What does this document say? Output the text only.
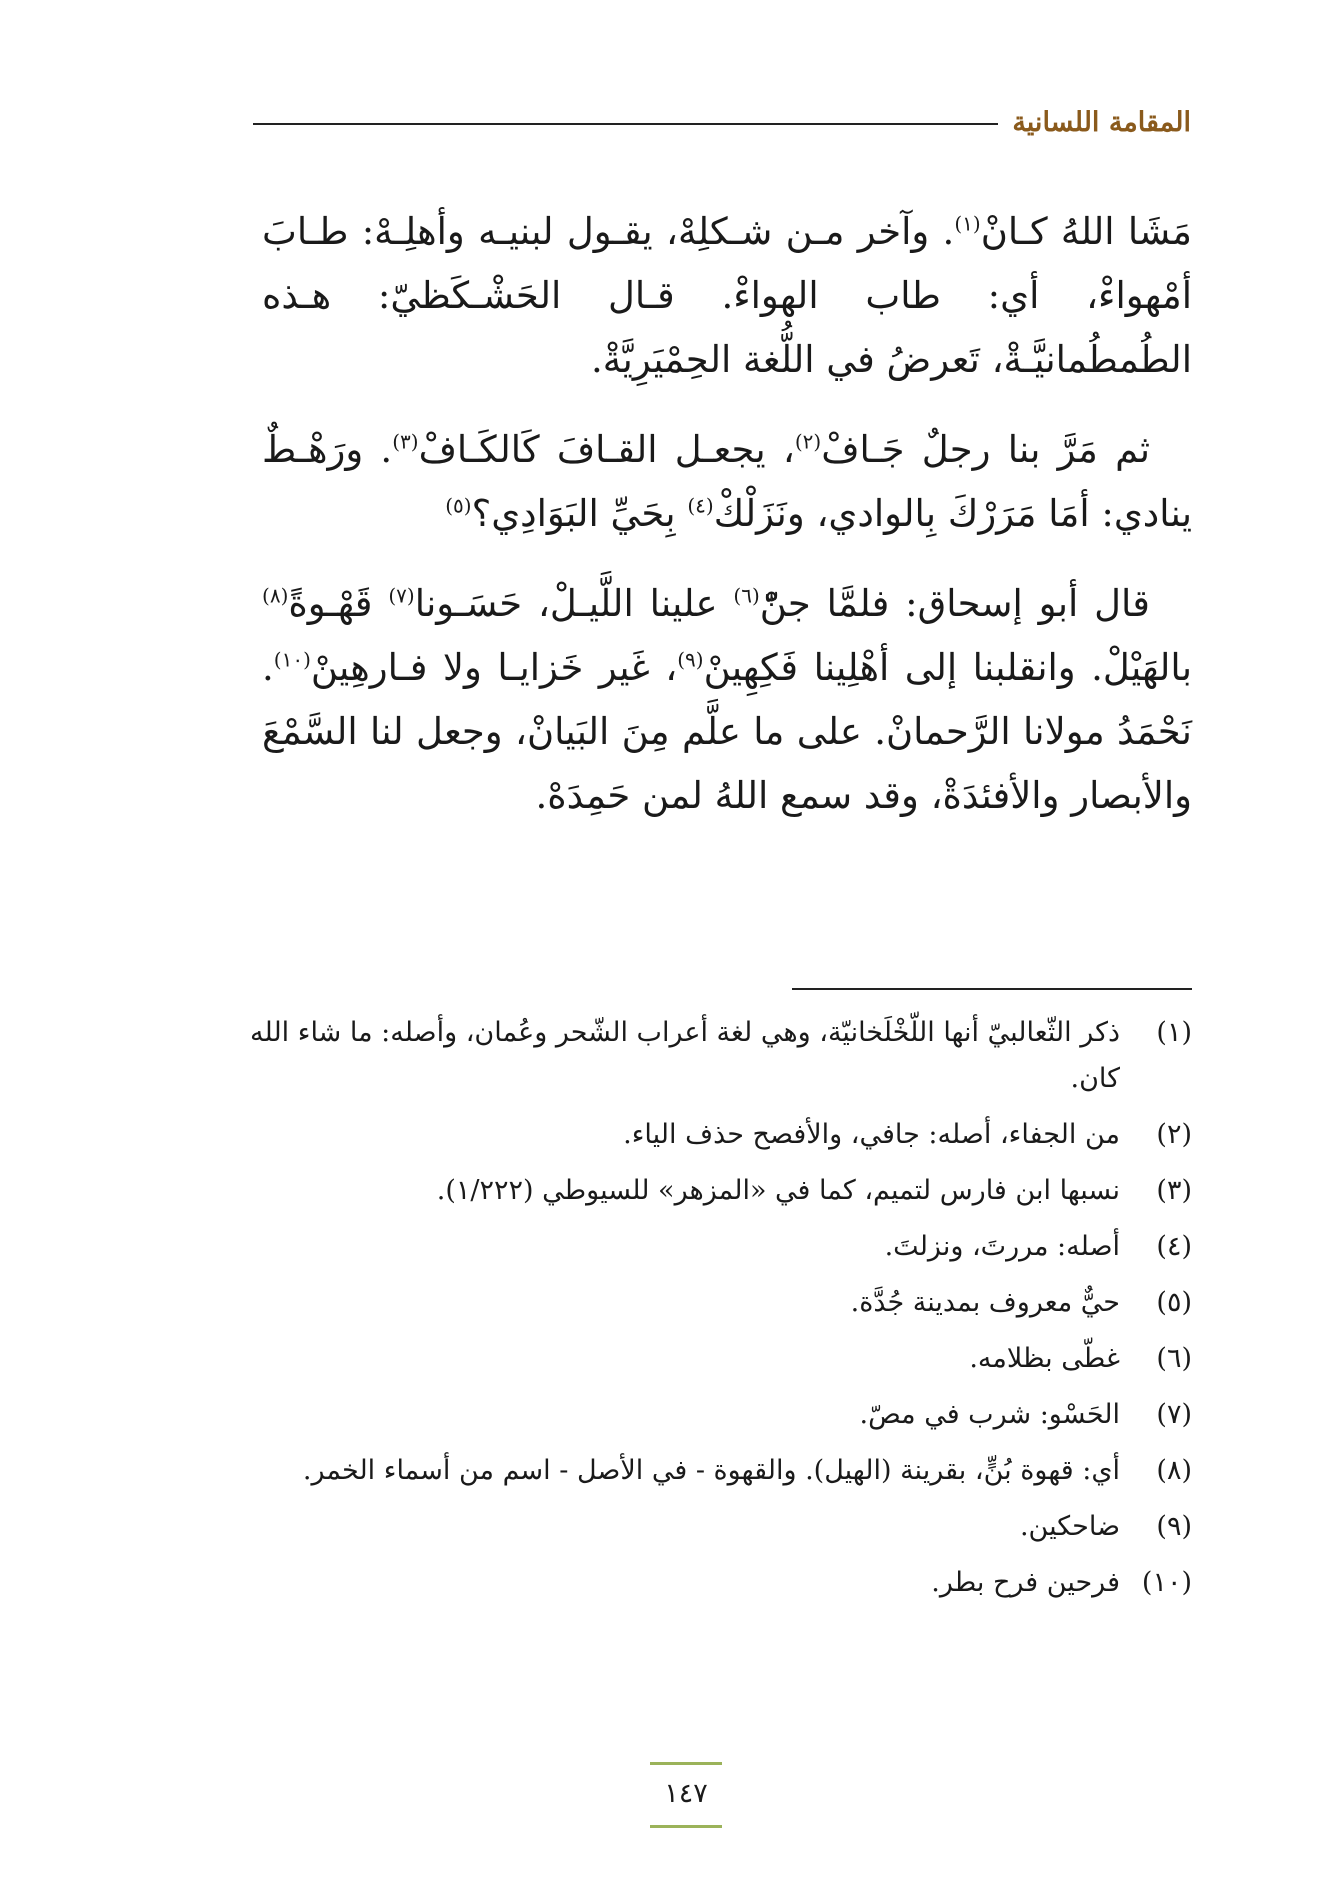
المقامة اللسانية

مَشَا اللهُ كـانْ$^{(١)}$. وآخر مـن شـكلِهْ، يقـول لبنيـه وأهلِـهْ: طـابَ أمْهواءْ، أي: طاب الهواءْ. قـال الحَشْـكَظيّ: هـذه الطُمطُمانيَّـةْ، تَعرضُ في اللُّغة الحِمْيَرِيَّةْ.

ثم مَرَّ بنا رجلٌ جَـافْ$^{(٢)}$، يجعـل القـافَ كَالكَـافْ$^{(٣)}$. ورَهْـطٌ ينادي: أمَا مَرَرْكَ بِالوادي، ونَزَلْكْ$^{(٤)}$ بِحَيِّ البَوَادِي؟$^{(٥)}$

قال أبو إسحاق: فلمَّا جنّْ$^{(٦)}$ علينا اللَّيـلْ، حَسَـونا$^{(٧)}$ قَهْـوةً$^{(٨)}$ بالهَيْلْ. وانقلبنا إلى أهْلِينا فَكِهِينْ$^{(٩)}$، غَير خَزايـا ولا فـارهِينْ$^{(١٠)}$. نَحْمَدُ مولانا الرَّحمانْ. على ما علَّم مِنَ البَيانْ، وجعل لنا السَّمْعَ والأبصار والأفئدَةْ، وقد سمع اللهُ لمن حَمِدَهْ.

(١)
ذكر الثّعالبيّ أنها اللّخْلَخانيّة، وهي لغة أعراب الشّحر وعُمان، وأصله: ما شاء الله كان.
(٢)
من الجفاء، أصله: جافي، والأفصح حذف الياء.
(٣)
نسبها ابن فارس لتميم، كما في «المزهر» للسيوطي (١/٢٢٢).
(٤)
أصله: مررتَ، ونزلتَ.
(٥)
حيٌّ معروف بمدينة جُدَّة.
(٦)
غطّى بظلامه.
(٧)
الحَسْو: شرب في مصّ.
(٨)
أي: قهوة بُنٍّ، بقرينة (الهيل). والقهوة - في الأصل - اسم من أسماء الخمر.
(٩)
ضاحكين.
(١٠)
فرحين فرح بطر.
١٤٧
